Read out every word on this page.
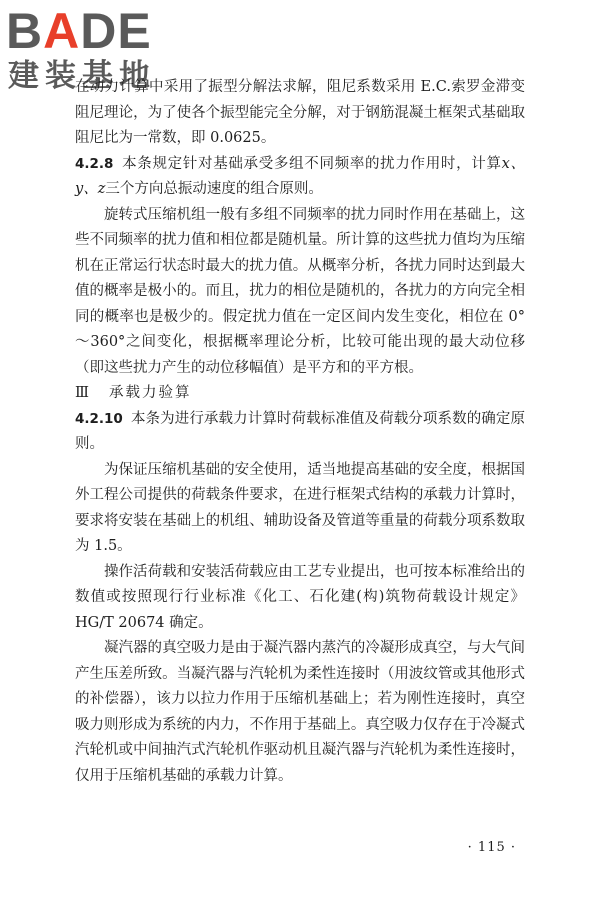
BADE
建装基地

在动力计算中采用了振型分解法求解，阻尼系数采用 E.C.索罗金滞变阻尼理论，为了使各个振型能完全分解，对于钢筋混凝土框架式基础取阻尼比为一常数，即 0.0625。

4.2.8 本条规定针对基础承受多组不同频率的扰力作用时，计算x、y、z三个方向总振动速度的组合原则。

旋转式压缩机组一般有多组不同频率的扰力同时作用在基础上，这些不同频率的扰力值和相位都是随机量。所计算的这些扰力值均为压缩机在正常运行状态时最大的扰力值。从概率分析，各扰力同时达到最大值的概率是极小的。而且，扰力的相位是随机的，各扰力的方向完全相同的概率也是极少的。假定扰力值在一定区间内发生变化，相位在 0°～360°之间变化，根据概率理论分析，比较可能出现的最大动位移（即这些扰力产生的动位移幅值）是平方和的平方根。

Ⅲ 承载力验算

4.2.10 本条为进行承载力计算时荷载标准值及荷载分项系数的确定原则。

为保证压缩机基础的安全使用，适当地提高基础的安全度，根据国外工程公司提供的荷载条件要求，在进行框架式结构的承载力计算时，要求将安装在基础上的机组、辅助设备及管道等重量的荷载分项系数取为 1.5。

操作活荷载和安装活荷载应由工艺专业提出，也可按本标准给出的数值或按照现行行业标准《化工、石化建(构)筑物荷载设计规定》HG/T 20674 确定。

凝汽器的真空吸力是由于凝汽器内蒸汽的冷凝形成真空，与大气间产生压差所致。当凝汽器与汽轮机为柔性连接时（用波纹管或其他形式的补偿器），该力以拉力作用于压缩机基础上；若为刚性连接时，真空吸力则形成为系统的内力，不作用于基础上。真空吸力仅存在于冷凝式汽轮机或中间抽汽式汽轮机作驱动机且凝汽器与汽轮机为柔性连接时，仅用于压缩机基础的承载力计算。

· 115 ·
